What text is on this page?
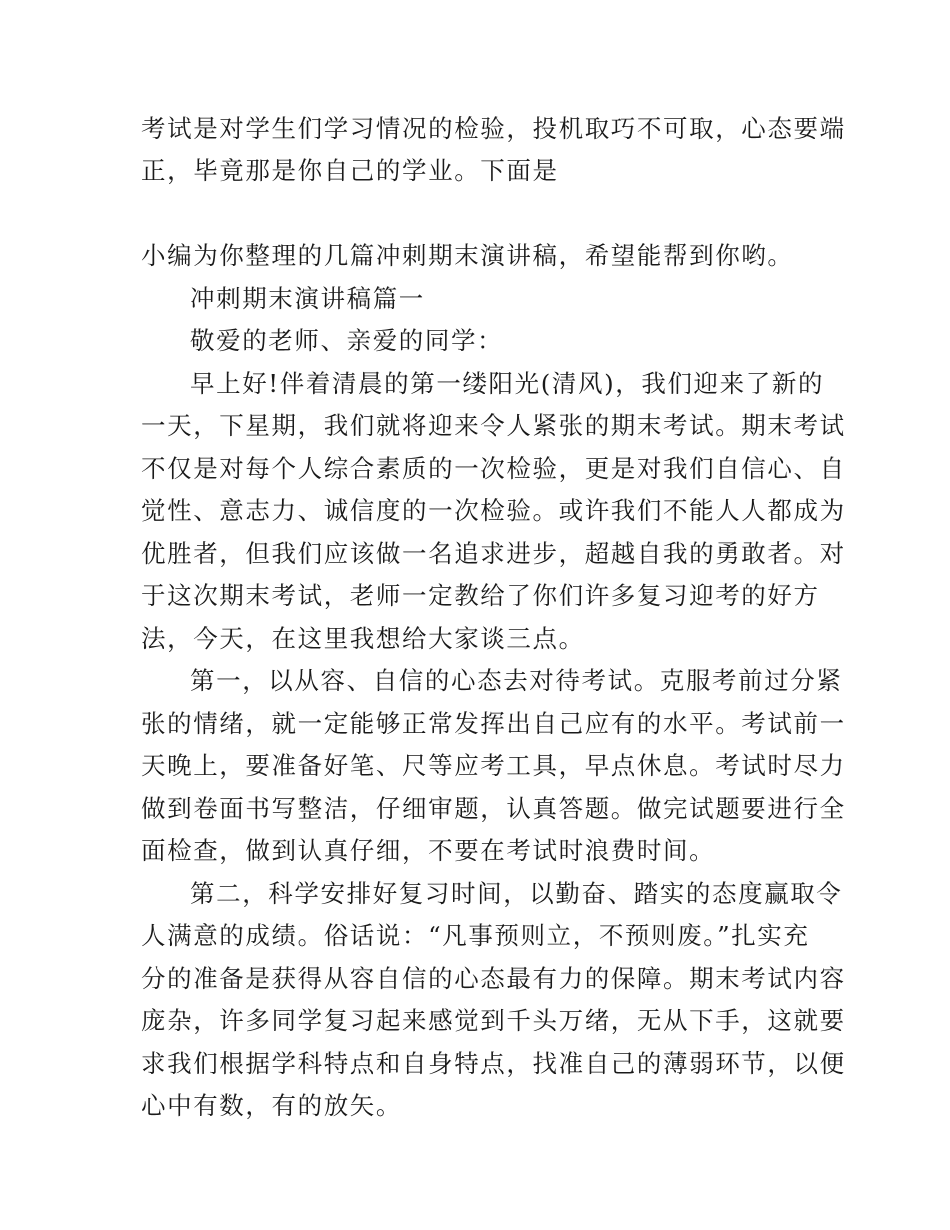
考试是对学生们学习情况的检验，投机取巧不可取，心态要端
正，毕竟那是你自己的学业。下面是
小编为你整理的几篇冲刺期末演讲稿，希望能帮到你哟。
冲刺期末演讲稿篇一
敬爱的老师、亲爱的同学：
早上好!伴着清晨的第一缕阳光(清风)，我们迎来了新的
一天，下星期，我们就将迎来令人紧张的期末考试。期末考试
不仅是对每个人综合素质的一次检验，更是对我们自信心、自
觉性、意志力、诚信度的一次检验。或许我们不能人人都成为
优胜者，但我们应该做一名追求进步，超越自我的勇敢者。对
于这次期末考试，老师一定教给了你们许多复习迎考的好方
法，今天，在这里我想给大家谈三点。
第一，以从容、自信的心态去对待考试。克服考前过分紧
张的情绪，就一定能够正常发挥出自己应有的水平。考试前一
天晚上，要准备好笔、尺等应考工具，早点休息。考试时尽力
做到卷面书写整洁，仔细审题，认真答题。做完试题要进行全
面检查，做到认真仔细，不要在考试时浪费时间。
第二，科学安排好复习时间，以勤奋、踏实的态度赢取令
人满意的成绩。俗话说：“凡事预则立，不预则废。”扎实充
分的准备是获得从容自信的心态最有力的保障。期末考试内容
庞杂，许多同学复习起来感觉到千头万绪，无从下手，这就要
求我们根据学科特点和自身特点，找准自己的薄弱环节，以便
心中有数，有的放矢。
